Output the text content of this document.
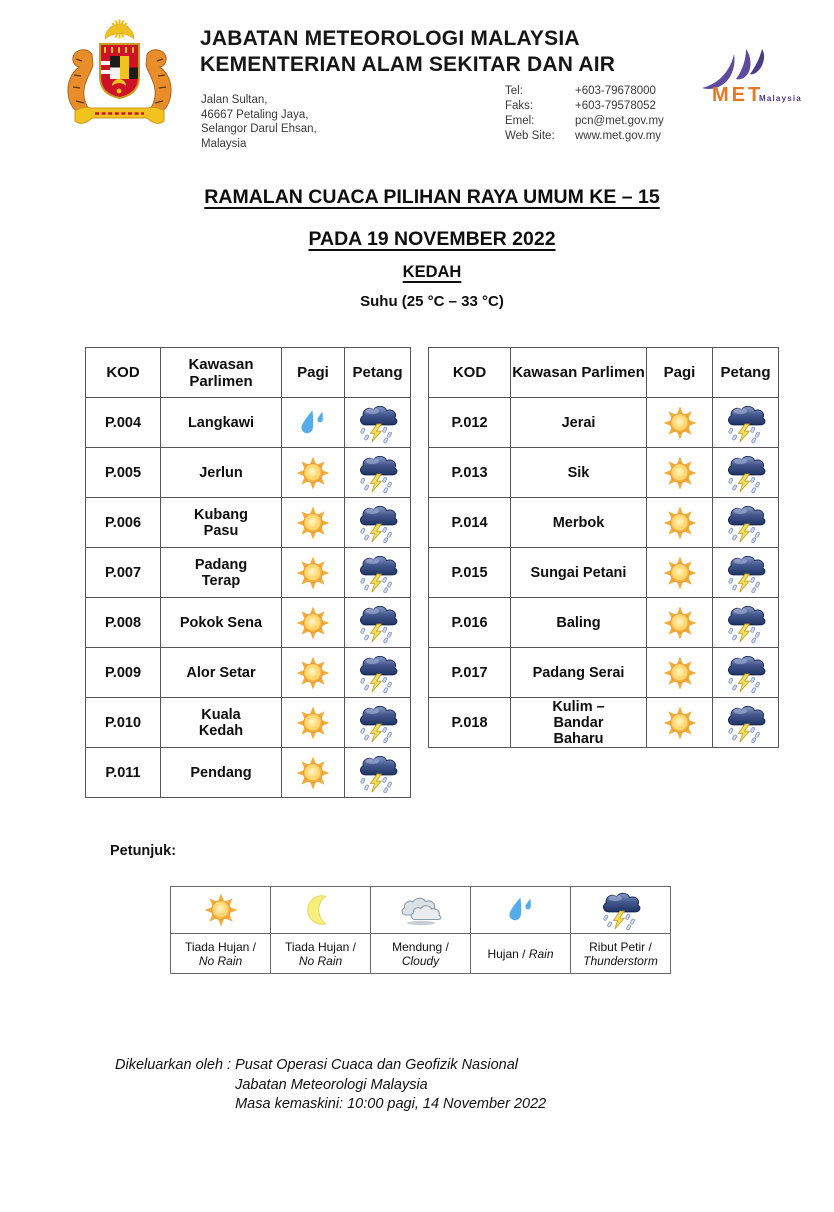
JABATAN METEOROLOGI MALAYSIA
KEMENTERIAN ALAM SEKITAR DAN AIR
Jalan Sultan,
46667 Petaling Jaya,
Selangor Darul Ehsan,
Malaysia
Tel:	+603-79678000
Faks:	+603-79578052
Emel:	pcn@met.gov.my
Web Site:	www.met.gov.my
MET
Malaysia
RAMALAN CUACA PILIHAN RAYA UMUM KE – 15
PADA 19 NOVEMBER 2022
KEDAH
Suhu (25 °C – 33 °C)
KOD	Kawasan Parlimen	Pagi	Petang
P.004	Langkawi	

P.005	Jerlun	

P.006	Kubang
Pasu	

P.007	Padang
Terap	

P.008	Pokok Sena	

P.009	Alor Setar	

P.010	Kuala
Kedah	

P.011	Pendang	

KOD	Kawasan Parlimen	Pagi	Petang
P.012	Jerai	

P.013	Sik	

P.014	Merbok	

P.015	Sungai Petani	

P.016	Baling	

P.017	Padang Serai	

P.018	Kulim –
Bandar
Baharu	

Petunjuk:

Tiada Hujan / No Rain	Tiada Hujan / No Rain	Mendung / Cloudy	Hujan / Rain	Ribut Petir / Thunderstorm
Dikeluarkan oleh : Pusat Operasi Cuaca dan Geofizik Nasional
Jabatan Meteorologi Malaysia
Masa kemaskini: 10:00 pagi, 14 November 2022
